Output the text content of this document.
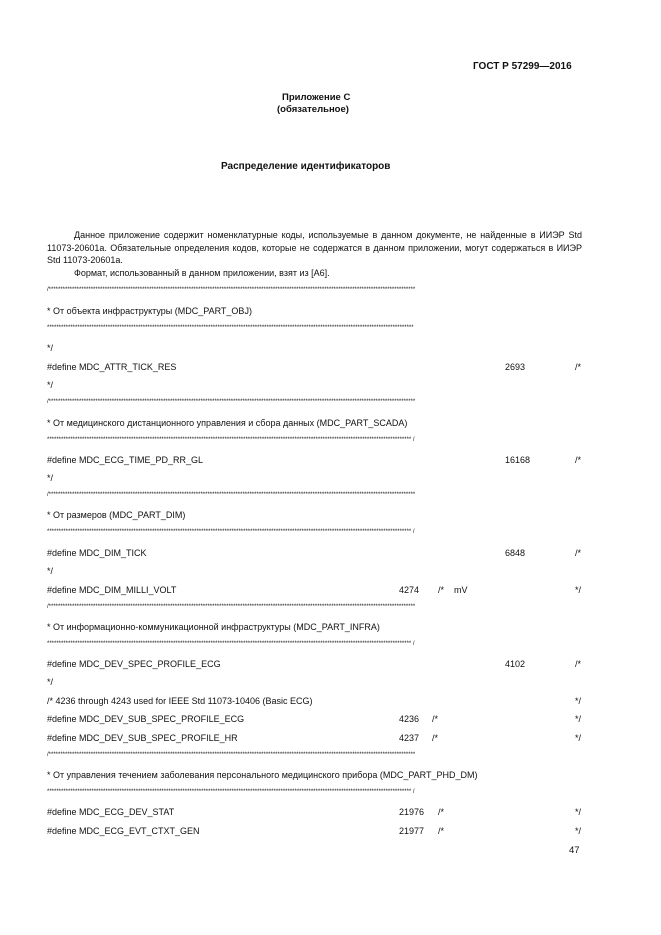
ГОСТ Р 57299—2016
Приложение С
(обязательное)
Распределение идентификаторов

Данное приложение содержит номенклатурные коды, используемые в данном документе, не найденные в ИИЭР Std 11073-20601а. Обязательные определения кодов, которые не содержатся в данном приложении, могут содержаться в ИИЭР Std 11073-20601а.

Формат, использованный в данном приложении, взят из [А6].

/*************************************************************************************************************************************************************
* От объекта инфраструктуры (MDC_PART_OBJ)
*************************************************************************************************************************************************************
*/
#define MDC_ATTR_TICK_RES	2693	/*
*/
/*************************************************************************************************************************************************************
* От медицинского дистанционного управления и сбора данных (MDC_PART_SCADA)
************************************************************************************************************************************************************ /
#define MDC_ECG_TIME_PD_RR_GL	16168	/*
*/
/*************************************************************************************************************************************************************
* От размеров (MDC_PART_DIM)
************************************************************************************************************************************************************ /
#define MDC_DIM_TICK	6848	/*
*/
#define MDC_DIM_MILLI_VOLT	4274 /* mV	*/
/*************************************************************************************************************************************************************
* От информационно-коммуникационной инфраструктуры (MDC_PART_INFRA)
************************************************************************************************************************************************************ /
#define MDC_DEV_SPEC_PROFILE_ECG	4102	/*
*/
/* 4236 through 4243 used for IEEE Std 11073-10406 (Basic ECG)	*/
#define MDC_DEV_SUB_SPEC_PROFILE_ECG	4236 /*	*/
#define MDC_DEV_SUB_SPEC_PROFILE_HR	4237 /*	*/
/*************************************************************************************************************************************************************
* От управления течением заболевания персонального медицинского прибора (MDC_PART_PHD_DM)
************************************************************************************************************************************************************ /
#define MDC_ECG_DEV_STAT	21976 /*	*/
#define MDC_ECG_EVT_CTXT_GEN	21977 /*	*/
47
